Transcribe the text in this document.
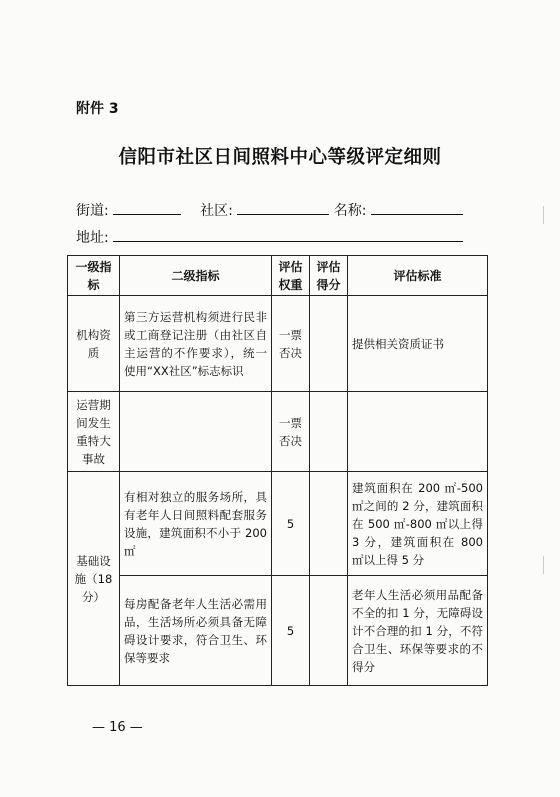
附件 3
信阳市社区日间照料中心等级评定细则
街道:	社区:	名称:
地址:
一级指标	二级指标	评估权重	评估得分	评估标准
机构资质	第三方运营机构须进行民非或工商登记注册（由社区自主运营的不作要求），统一使用“XX社区”标志标识	一票否决		提供相关资质证书
运营期间发生重特大事故		一票否决		
基础设施（18分）	有相对独立的服务场所，具有老年人日间照料配套服务设施，建筑面积不小于 200 ㎡	5		建筑面积在 200 ㎡-500 ㎡之间的 2 分，建筑面积在 500 ㎡-800 ㎡以上得 3 分，建筑面积在 800 ㎡以上得 5 分
	每房配备老年人生活必需用品，生活场所必须具备无障碍设计要求，符合卫生、环保等要求	5		老年人生活必须用品配备不全的扣 1 分，无障碍设计不合理的扣 1 分，不符合卫生、环保等要求的不得分
— 16 —
